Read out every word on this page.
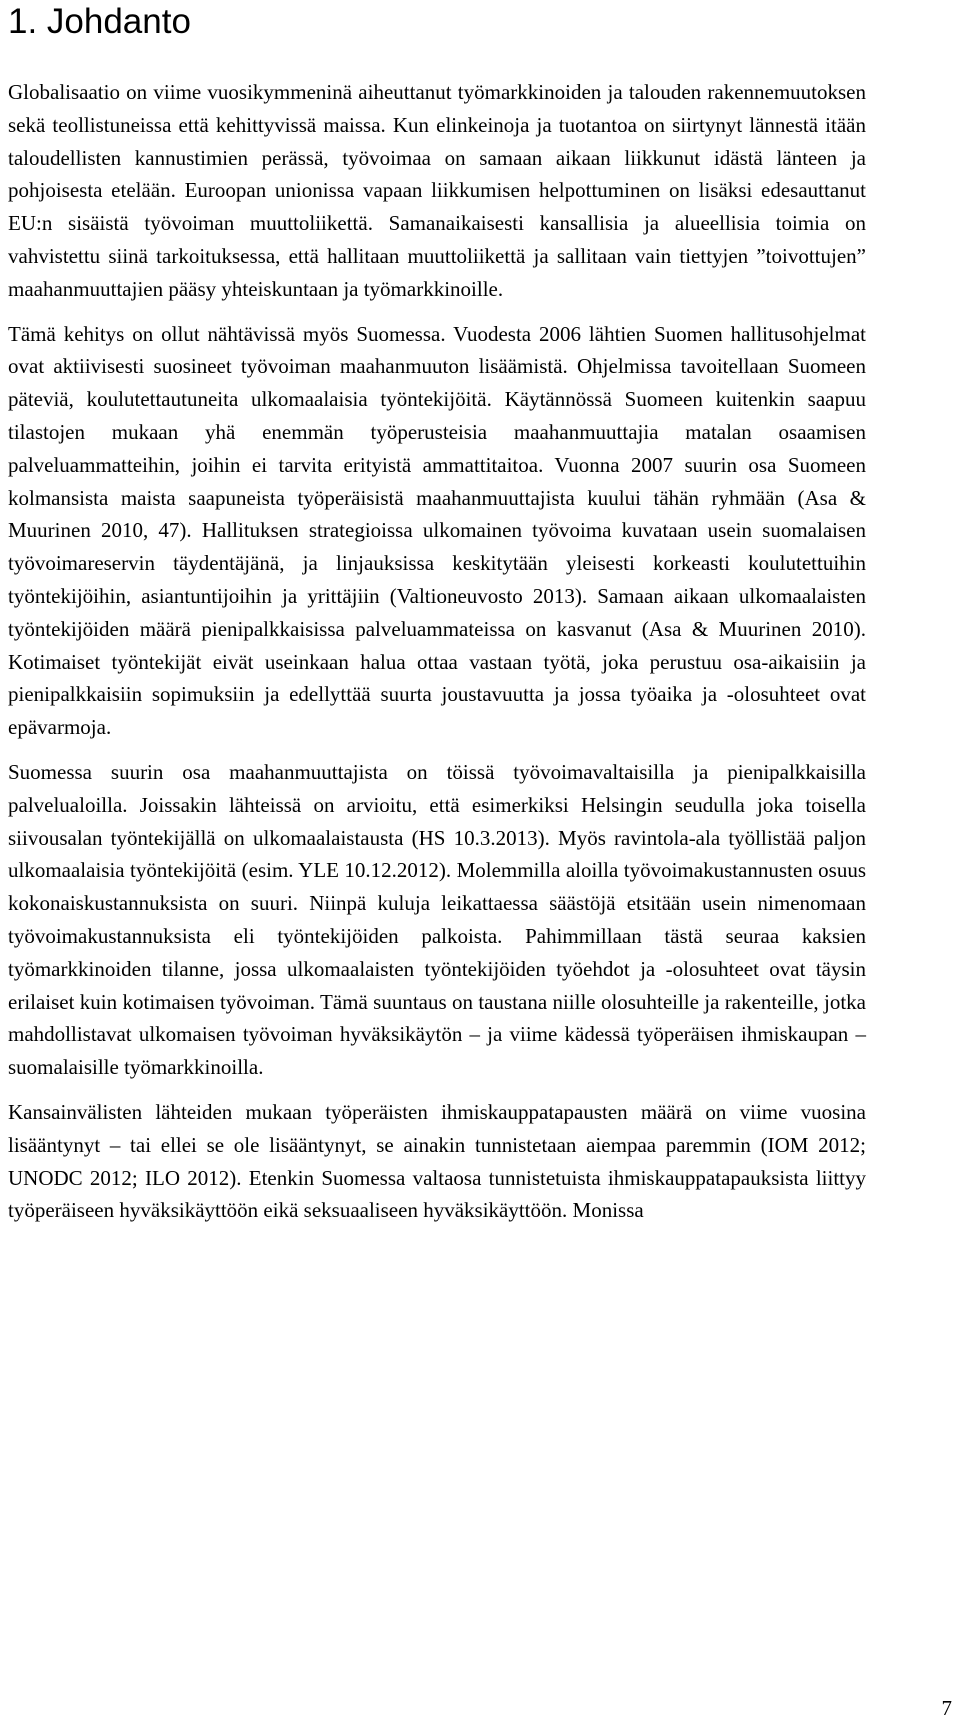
1. Johdanto

Globalisaatio on viime vuosikymmeninä aiheuttanut työmarkkinoiden ja talouden rakennemuutoksen sekä teollistuneissa että kehittyvissä maissa. Kun elinkeinoja ja tuotantoa on siirtynyt lännestä itään taloudellisten kannustimien perässä, työvoimaa on samaan aikaan liikkunut idästä länteen ja pohjoisesta etelään. Euroopan unionissa vapaan liikkumisen helpottuminen on lisäksi edesauttanut EU:n sisäistä työvoiman muuttoliikettä. Samanaikaisesti kansallisia ja alueellisia toimia on vahvistettu siinä tarkoituksessa, että hallitaan muuttoliikettä ja sallitaan vain tiettyjen ”toivottujen” maahanmuuttajien pääsy yhteiskuntaan ja työmarkkinoille.

Tämä kehitys on ollut nähtävissä myös Suomessa. Vuodesta 2006 lähtien Suomen hallitusohjelmat ovat aktiivisesti suosineet työvoiman maahanmuuton lisäämistä. Ohjelmissa tavoitellaan Suomeen päteviä, koulutettautuneita ulkomaalaisia työntekijöitä. Käytännössä Suomeen kuitenkin saapuu tilastojen mukaan yhä enemmän työperusteisia maahanmuuttajia matalan osaamisen palveluammatteihin, joihin ei tarvita erityistä ammattitaitoa. Vuonna 2007 suurin osa Suomeen kolmansista maista saapuneista työperäisistä maahanmuuttajista kuului tähän ryhmään (Asa & Muurinen 2010, 47). Hallituksen strategioissa ulkomainen työvoima kuvataan usein suomalaisen työvoimareservin täydentäjänä, ja linjauksissa keskitytään yleisesti korkeasti koulutettuihin työntekijöihin, asiantuntijoihin ja yrittäjiin (Valtioneuvosto 2013). Samaan aikaan ulkomaalaisten työntekijöiden määrä pienipalkkaisissa palveluammateissa on kasvanut (Asa & Muurinen 2010). Kotimaiset työntekijät eivät useinkaan halua ottaa vastaan työtä, joka perustuu osa-aikaisiin ja pienipalkkaisiin sopimuksiin ja edellyttää suurta joustavuutta ja jossa työaika ja -olosuhteet ovat epävarmoja.

Suomessa suurin osa maahanmuuttajista on töissä työvoimavaltaisilla ja pienipalkkaisilla palvelualoilla. Joissakin lähteissä on arvioitu, että esimerkiksi Helsingin seudulla joka toisella siivousalan työntekijällä on ulkomaalaistausta (HS 10.3.2013). Myös ravintola-ala työllistää paljon ulkomaalaisia työntekijöitä (esim. YLE 10.12.2012). Molemmilla aloilla työvoimakustannusten osuus kokonaiskustannuksista on suuri. Niinpä kuluja leikattaessa säästöjä etsitään usein nimenomaan työvoimakustannuksista eli työntekijöiden palkoista. Pahimmillaan tästä seuraa kaksien työmarkkinoiden tilanne, jossa ulkomaalaisten työntekijöiden työehdot ja -olosuhteet ovat täysin erilaiset kuin kotimaisen työvoiman. Tämä suuntaus on taustana niille olosuhteille ja rakenteille, jotka mahdollistavat ulkomaisen työvoiman hyväksikäytön – ja viime kädessä työperäisen ihmiskaupan – suomalaisille työmarkkinoilla.

Kansainvälisten lähteiden mukaan työperäisten ihmiskauppatapausten määrä on viime vuosina lisääntynyt – tai ellei se ole lisääntynyt, se ainakin tunnistetaan aiempaa paremmin (IOM 2012; UNODC 2012; ILO 2012). Etenkin Suomessa valtaosa tunnistetuista ihmiskauppatapauksista liittyy työperäiseen hyväksikäyttöön eikä seksuaaliseen hyväksikäyttöön. Monissa

7
